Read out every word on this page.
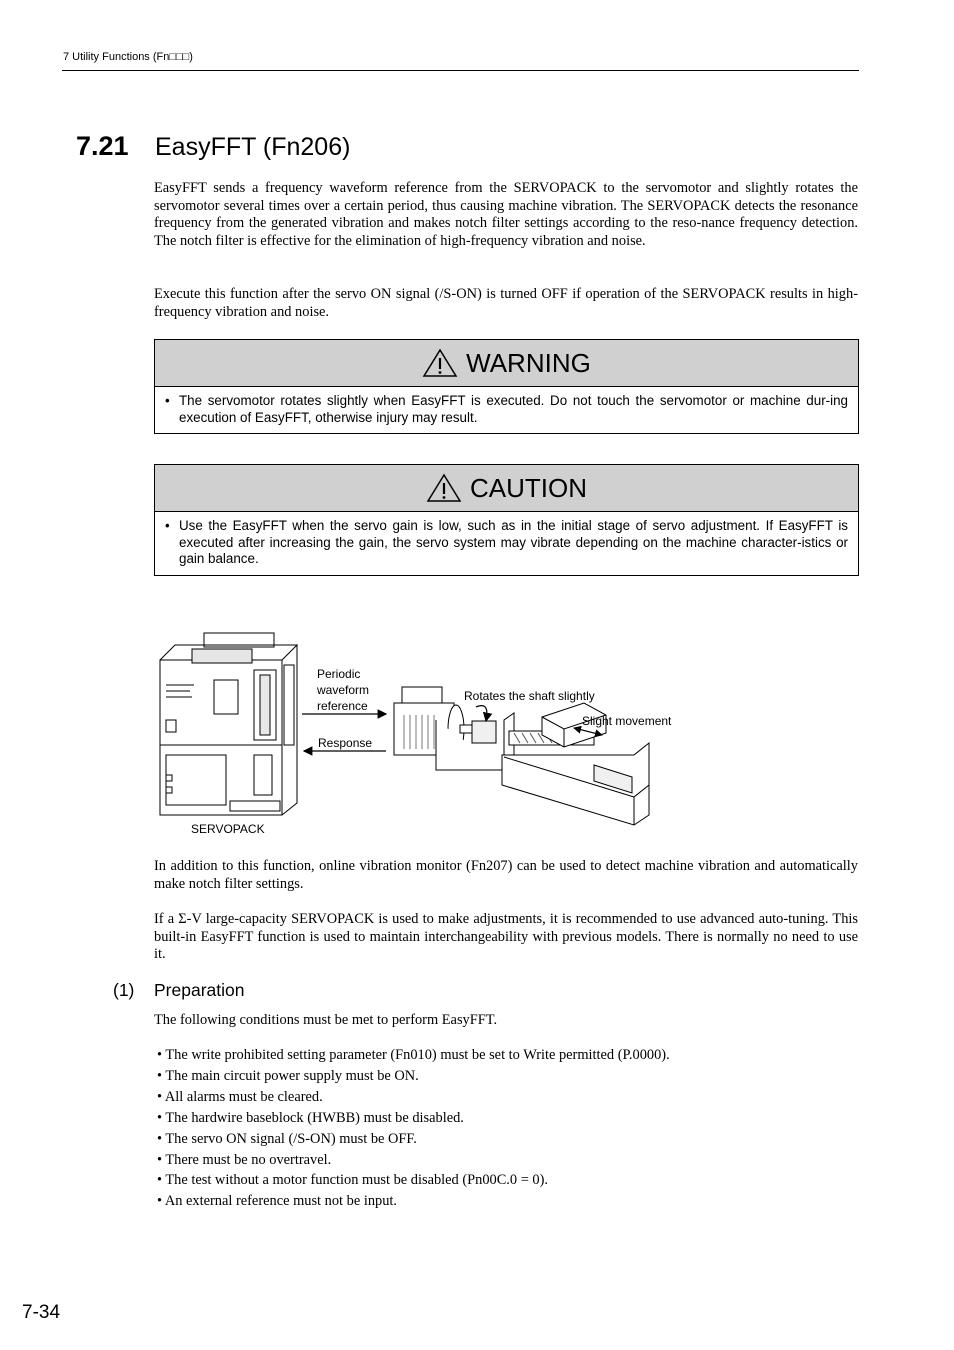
7 Utility Functions (Fn□□□)
7.21 EasyFFT (Fn206)
EasyFFT sends a frequency waveform reference from the SERVOPACK to the servomotor and slightly rotates the servomotor several times over a certain period, thus causing machine vibration. The SERVOPACK detects the resonance frequency from the generated vibration and makes notch filter settings according to the reso-nance frequency detection. The notch filter is effective for the elimination of high-frequency vibration and noise.
Execute this function after the servo ON signal (/S-ON) is turned OFF if operation of the SERVOPACK results in high-frequency vibration and noise.
WARNING
• The servomotor rotates slightly when EasyFFT is executed. Do not touch the servomotor or machine dur-ing execution of EasyFFT, otherwise injury may result.
CAUTION
• Use the EasyFFT when the servo gain is low, such as in the initial stage of servo adjustment. If EasyFFT is executed after increasing the gain, the servo system may vibrate depending on the machine character-istics or gain balance.
Periodic
waveform
reference
Response
Rotates the shaft slightly
Slight movement
SERVOPACK
In addition to this function, online vibration monitor (Fn207) can be used to detect machine vibration and automatically make notch filter settings.
If a Σ-V large-capacity SERVOPACK is used to make adjustments, it is recommended to use advanced auto-tuning. This built-in EasyFFT function is used to maintain interchangeability with previous models. There is normally no need to use it.
(1) Preparation
The following conditions must be met to perform EasyFFT.
• The write prohibited setting parameter (Fn010) must be set to Write permitted (P.0000).
• The main circuit power supply must be ON.
• All alarms must be cleared.
• The hardwire baseblock (HWBB) must be disabled.
• The servo ON signal (/S-ON) must be OFF.
• There must be no overtravel.
• The test without a motor function must be disabled (Pn00C.0 = 0).
• An external reference must not be input.
7-34
